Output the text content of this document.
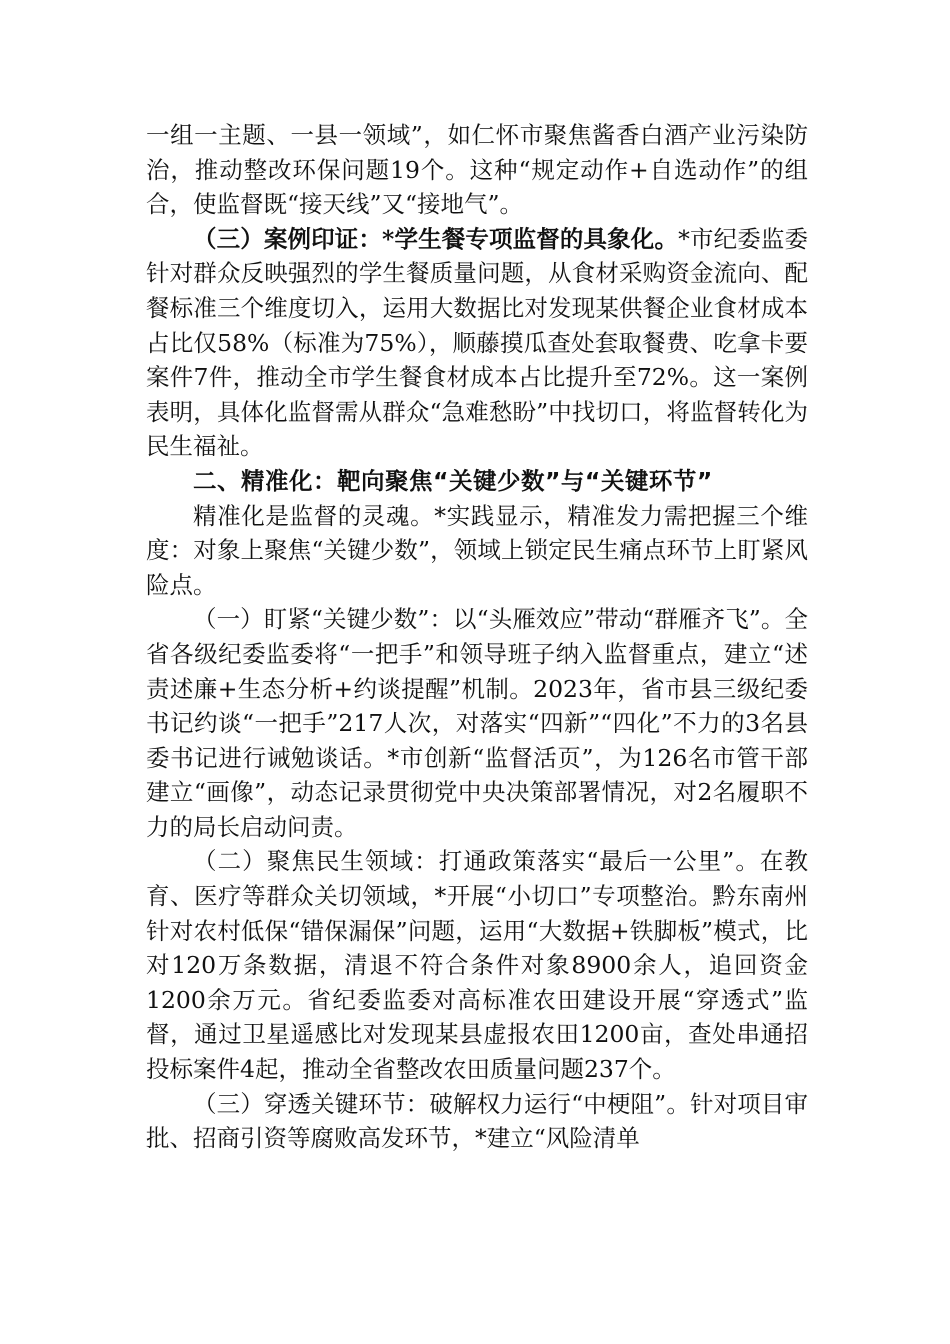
一组一主题、一县一领域”，如仁怀市聚焦酱香白酒产业污染防治，推动整改环保问题19个。这种“规定动作+自选动作”的组合，使监督既“接天线”又“接地气”。

（三）案例印证：*学生餐专项监督的具象化。*市纪委监委针对群众反映强烈的学生餐质量问题，从食材采购资金流向、配餐标准三个维度切入，运用大数据比对发现某供餐企业食材成本占比仅58%（标准为75%），顺藤摸瓜查处套取餐费、吃拿卡要案件7件，推动全市学生餐食材成本占比提升至72%。这一案例表明，具体化监督需从群众“急难愁盼”中找切口，将监督转化为民生福祉。

二、精准化：靶向聚焦“关键少数”与“关键环节”

精准化是监督的灵魂。*实践显示，精准发力需把握三个维度：对象上聚焦“关键少数”，领域上锁定民生痛点环节上盯紧风险点。

（一）盯紧“关键少数”：以“头雁效应”带动“群雁齐飞”。全省各级纪委监委将“一把手”和领导班子纳入监督重点，建立“述责述廉+生态分析+约谈提醒”机制。2023年，省市县三级纪委书记约谈“一把手”217人次，对落实“四新”“四化”不力的3名县委书记进行诫勉谈话。*市创新“监督活页”，为126名市管干部建立“画像”，动态记录贯彻党中央决策部署情况，对2名履职不力的局长启动问责。

（二）聚焦民生领域：打通政策落实“最后一公里”。在教育、医疗等群众关切领域，*开展“小切口”专项整治。黔东南州针对农村低保“错保漏保”问题，运用“大数据+铁脚板”模式，比对120万条数据，清退不符合条件对象8900余人，追回资金1200余万元。省纪委监委对高标准农田建设开展“穿透式”监督，通过卫星遥感比对发现某县虚报农田1200亩，查处串通招投标案件4起，推动全省整改农田质量问题237个。

（三）穿透关键环节：破解权力运行“中梗阻”。针对项目审批、招商引资等腐败高发环节，*建立“风险清单
